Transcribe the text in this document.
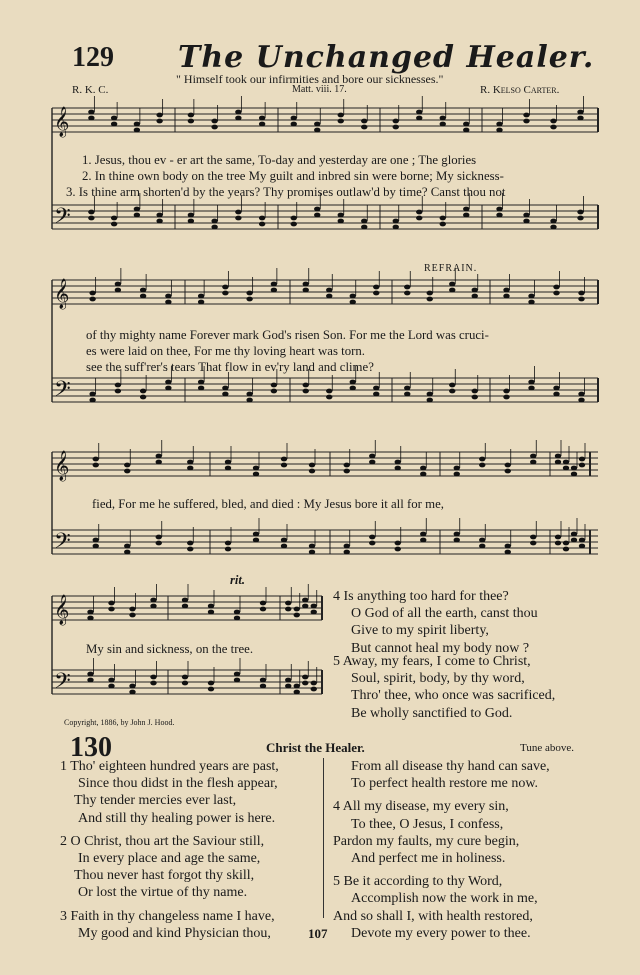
129 The Unchanged Healer.
" Himself took our infirmities and bore our sicknesses."
R. K. C.	Matt. viii. 17.	R. Kelso Carter.
𝄞
𝄢
𝄞
𝄢
𝄞
𝄢
𝄞
𝄢
1. Jesus, thou ev - er art the same, To-day and yesterday are one ; The glories
2. In thine own body on the tree My guilt and inbred sin were borne; My sickness-
3. Is thine arm shorten'd by the years? Thy promises outlaw'd by time? Canst thou not
REFRAIN.
of thy mighty name Forever mark God's risen Son. For me the Lord was cruci-
es were laid on thee, For me thy loving heart was torn.
see the suff'rer's tears That flow in ev'ry land and clime?
fied, For me he suffered, bled, and died : My Jesus bore it all for me,
rit.
My sin and sickness, on the tree.
4 Is anything too hard for thee?
O God of all the earth, canst thou
Give to my spirit liberty,
But cannot heal my body now ?
5 Away, my fears, I come to Christ,
Soul, spirit, body, by thy word,
Thro' thee, who once was sacrificed,
Be wholly sanctified to God.
Copyright, 1886, by John J. Hood.
130	Christ the Healer.	Tune above.
1 Tho' eighteen hundred years are past,
Since thou didst in the flesh appear,
Thy tender mercies ever last,
And still thy healing power is here.
2 O Christ, thou art the Saviour still,
In every place and age the same,
Thou never hast forgot thy skill,
Or lost the virtue of thy name.
3 Faith in thy changeless name I have,
My good and kind Physician thou,
From all disease thy hand can save,
To perfect health restore me now.
4 All my disease, my every sin,
To thee, O Jesus, I confess,
Pardon my faults, my cure begin,
And perfect me in holiness.
5 Be it according to thy Word,
Accomplish now the work in me,
And so shall I, with health restored,
Devote my every power to thee.
107
